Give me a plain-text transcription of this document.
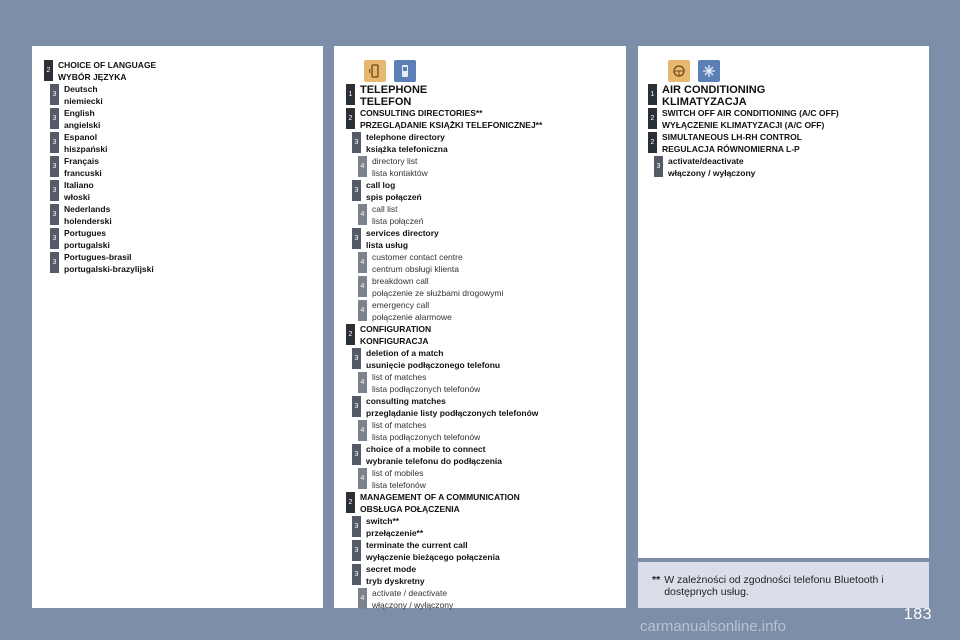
2
CHOICE OF LANGUAGE
WYBÓR JĘZYKA
3
Deutsch
niemiecki
3
English
angielski
3
Espanol
hiszpański
3
Français
francuski
3
Italiano
włoski
3
Nederlands
holenderski
3
Portugues
portugalski
3
Portugues-brasil
portugalski-brazylijski
1 TELEPHONE
TELEFON
2
CONSULTING DIRECTORIES**
PRZEGLĄDANIE KSIĄŻKI TELEFONICZNEJ**
3
telephone directory
książka telefoniczna
4
directory list
lista kontaktów
3
call log
spis połączeń
4
call list
lista połączeń
3
services directory
lista usług
4
customer contact centre
centrum obsługi klienta
4
breakdown call
połączenie ze służbami drogowymi
4
emergency call
połączenie alarmowe
2
CONFIGURATION
KONFIGURACJA
3
deletion of a match
usunięcie podłączonego telefonu
4
list of matches
lista podłączonych telefonów
3
consulting matches
przeglądanie listy podłączonych telefonów
4
list of matches
lista podłączonych telefonów
3
choice of a mobile to connect
wybranie telefonu do podłączenia
4
list of mobiles
lista telefonów
2
MANAGEMENT OF A COMMUNICATION
OBSŁUGA POŁĄCZENIA
3
switch**
przełączenie**
3
terminate the current call
wyłączenie bieżącego połączenia
3
secret mode
tryb dyskretny
4
activate / deactivate
włączony / wyłączony
1 AIR CONDITIONING
KLIMATYZACJA
2
SWITCH OFF AIR CONDITIONING (A/C OFF)
WYŁĄCZENIE KLIMATYZACJI (A/C OFF)
2
SIMULTANEOUS LH-RH CONTROL
REGULACJA RÓWNOMIERNA L-P
3
activate/deactivate
włączony / wyłączony
** W zależności od zgodności telefonu Bluetooth i dostępnych usług.
183
carmanualsonline.info
